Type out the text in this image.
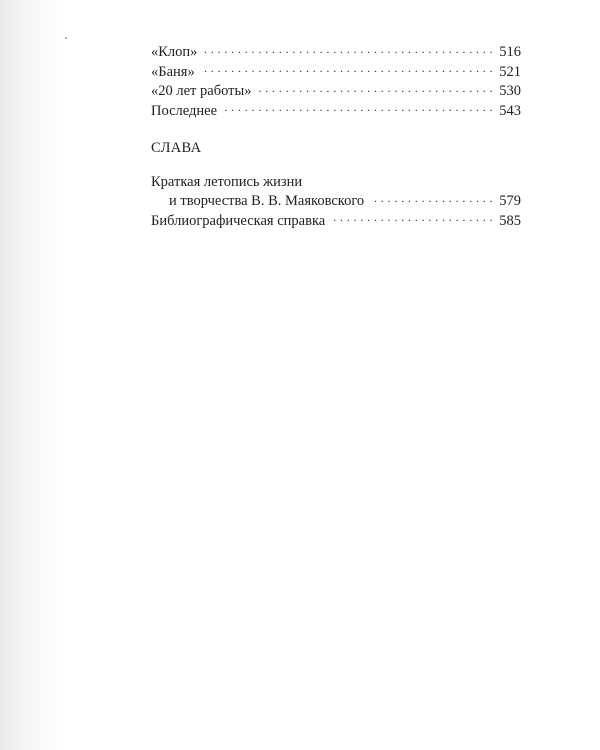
«Клоп» . . .	516
«Баня» . . .	521
«20 лет работы» . . .	530
Последнее . . .	543
СЛАВА
Краткая летопись жизни
и творчества В. В. Маяковского . . .	579
Библиографическая справка . . .	585
